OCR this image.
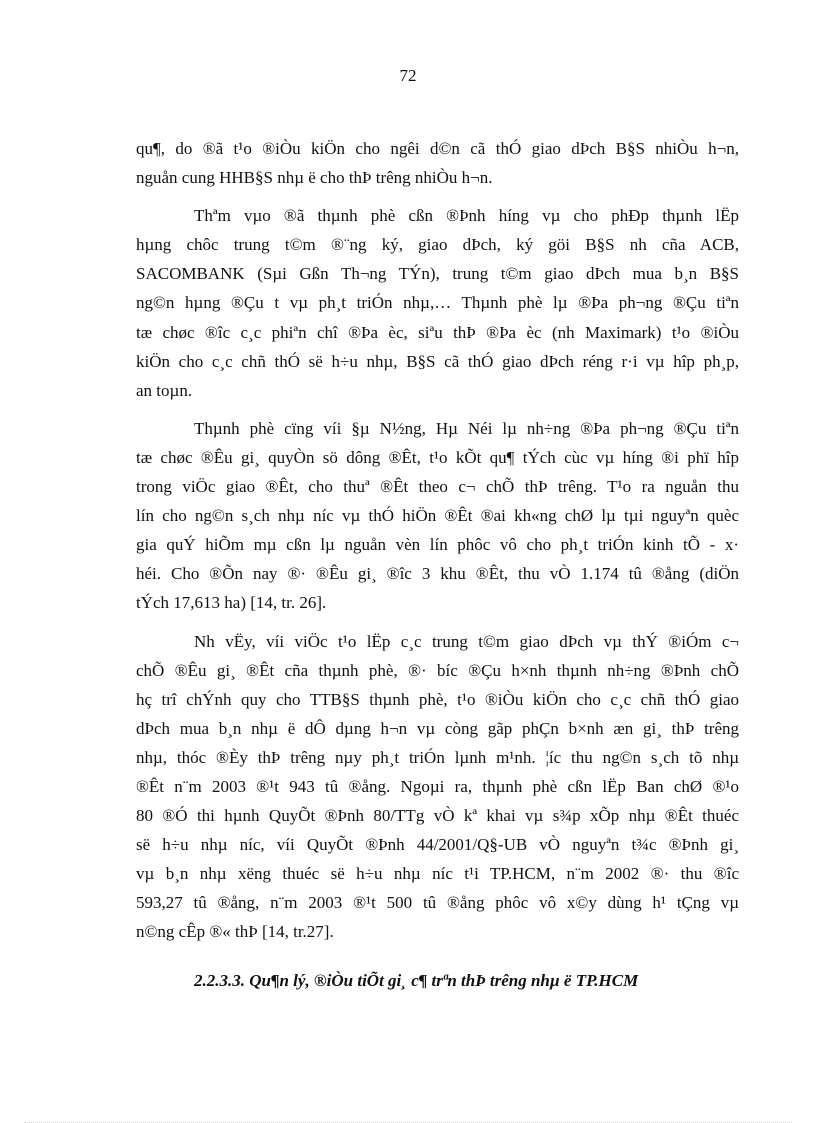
72
qu¶, do ®ã t¹o ®iÒu kiÖn cho ngêi d©n cã thÓ giao dÞch B§S nhiÒu h¬n,
nguån cung HHB§S nhµ ë cho thÞ trêng nhiÒu h¬n.
Thªm vµo ®ã thµnh phè cßn ®Þnh híng vµ cho phÐp thµnh lËp
hµng chôc trung t©m ®¨ng ký, giao dÞch, ký göi B§S nh cña ACB,
SACOMBANK (Sµi Gßn Th¬ng TÝn), trung t©m giao dÞch mua b¸n B§S
ng©n hµng ®Çu t vµ ph¸t triÓn nhµ,… Thµnh phè lµ ®Þa ph¬ng ®Çu tiªn
tæ chøc ®îc c¸c phiªn chî ®Þa èc, siªu thÞ ®Þa èc (nh Maximark) t¹o ®iÒu
kiÖn cho c¸c chñ thÓ së h÷u nhµ, B§S cã thÓ giao dÞch réng r·i vµ hîp ph¸p,
an toµn.
Thµnh phè cïng víi §µ N½ng, Hµ Néi lµ nh÷ng ®Þa ph¬ng ®Çu tiªn
tæ chøc ®Êu gi¸ quyÒn sö dông ®Êt, t¹o kÕt qu¶ tÝch cùc vµ híng ®i phï hîp
trong viÖc giao ®Êt, cho thuª ®Êt theo c¬ chÕ thÞ trêng. T¹o ra nguån thu
lín cho ng©n s¸ch nhµ níc vµ thÓ hiÖn ®Êt ®ai kh«ng chØ lµ tµi nguyªn quèc
gia quÝ hiÕm mµ cßn lµ nguån vèn lín phôc vô cho ph¸t triÓn kinh tÕ - x·
héi. Cho ®Õn nay ®· ®Êu gi¸ ®îc 3 khu ®Êt, thu vÒ 1.174 tû ®ång (diÖn
tÝch 17,613 ha) [14, tr. 26].
Nh vËy, víi viÖc t¹o lËp c¸c trung t©m giao dÞch vµ thÝ ®iÓm c¬
chÕ ®Êu gi¸ ®Êt cña thµnh phè, ®· bíc ®Çu h×nh thµnh nh÷ng ®Þnh chÕ
hç trî chÝnh quy cho TTB§S thµnh phè, t¹o ®iÒu kiÖn cho c¸c chñ thÓ giao
dÞch mua b¸n nhµ ë dÔ dµng h¬n vµ còng gãp phÇn b×nh æn gi¸ thÞ trêng
nhµ, thóc ®Èy thÞ trêng nµy ph¸t triÓn lµnh m¹nh. ¦íc thu ng©n s¸ch tõ nhµ
®Êt n¨m 2003 ®¹t 943 tû ®ång. Ngoµi ra, thµnh phè cßn lËp Ban chØ ®¹o
80 ®Ó thi hµnh QuyÕt ®Þnh 80/TTg vÒ kª khai vµ s¾p xÕp nhµ ®Êt thuéc
së h÷u nhµ níc, víi QuyÕt ®Þnh 44/2001/Q§-UB vÒ nguyªn t¾c ®Þnh gi¸
vµ b¸n nhµ xëng thuéc së h÷u nhµ níc t¹i TP.HCM, n¨m 2002 ®· thu ®îc
593,27 tû ®ång, n¨m 2003 ®¹t 500 tû ®ång phôc vô x©y dùng h¹ tÇng vµ
n©ng cÊp ®« thÞ [14, tr.27].
2.2.3.3. Qu¶n lý, ®iÒu tiÕt gi¸ c¶ trªn thÞ trêng nhµ ë TP.HCM
